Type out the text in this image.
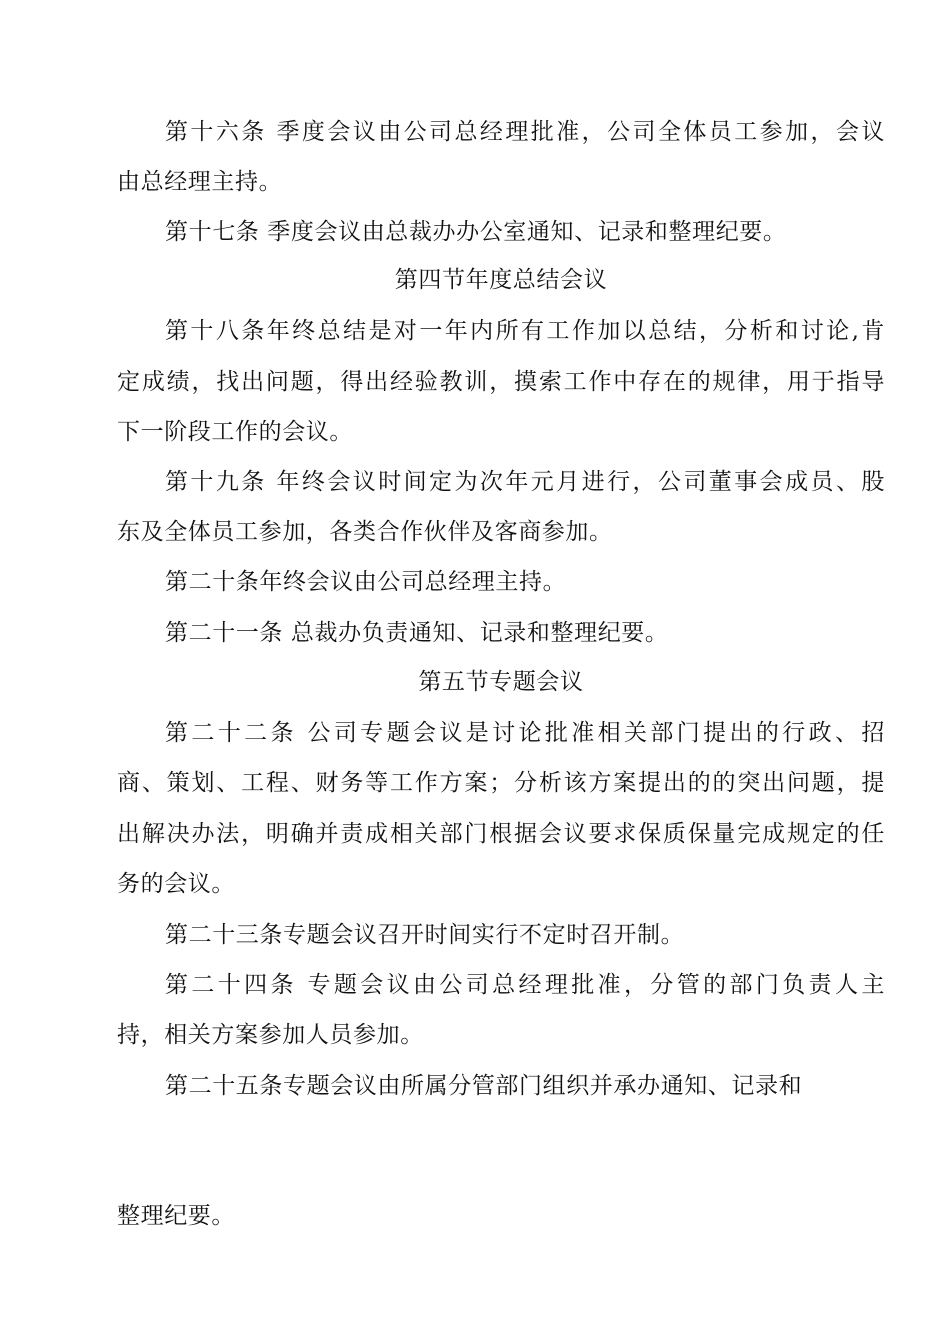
第十六条 季度会议由公司总经理批准，公司全体员工参加，会议
由总经理主持。
第十七条 季度会议由总裁办办公室通知、记录和整理纪要。
第四节年度总结会议
第十八条年终总结是对一年内所有工作加以总结，分析和讨论,肯
定成绩，找出问题，得出经验教训，摸索工作中存在的规律，用于指导
下一阶段工作的会议。
第十九条 年终会议时间定为次年元月进行，公司董事会成员、股
东及全体员工参加，各类合作伙伴及客商参加。
第二十条年终会议由公司总经理主持。
第二十一条 总裁办负责通知、记录和整理纪要。
第五节专题会议
第二十二条 公司专题会议是讨论批准相关部门提出的行政、招
商、策划、工程、财务等工作方案；分析该方案提出的的突出问题，提
出解决办法，明确并责成相关部门根据会议要求保质保量完成规定的任
务的会议。
第二十三条专题会议召开时间实行不定时召开制。
第二十四条 专题会议由公司总经理批准，分管的部门负责人主
持，相关方案参加人员参加。
第二十五条专题会议由所属分管部门组织并承办通知、记录和
整理纪要。
